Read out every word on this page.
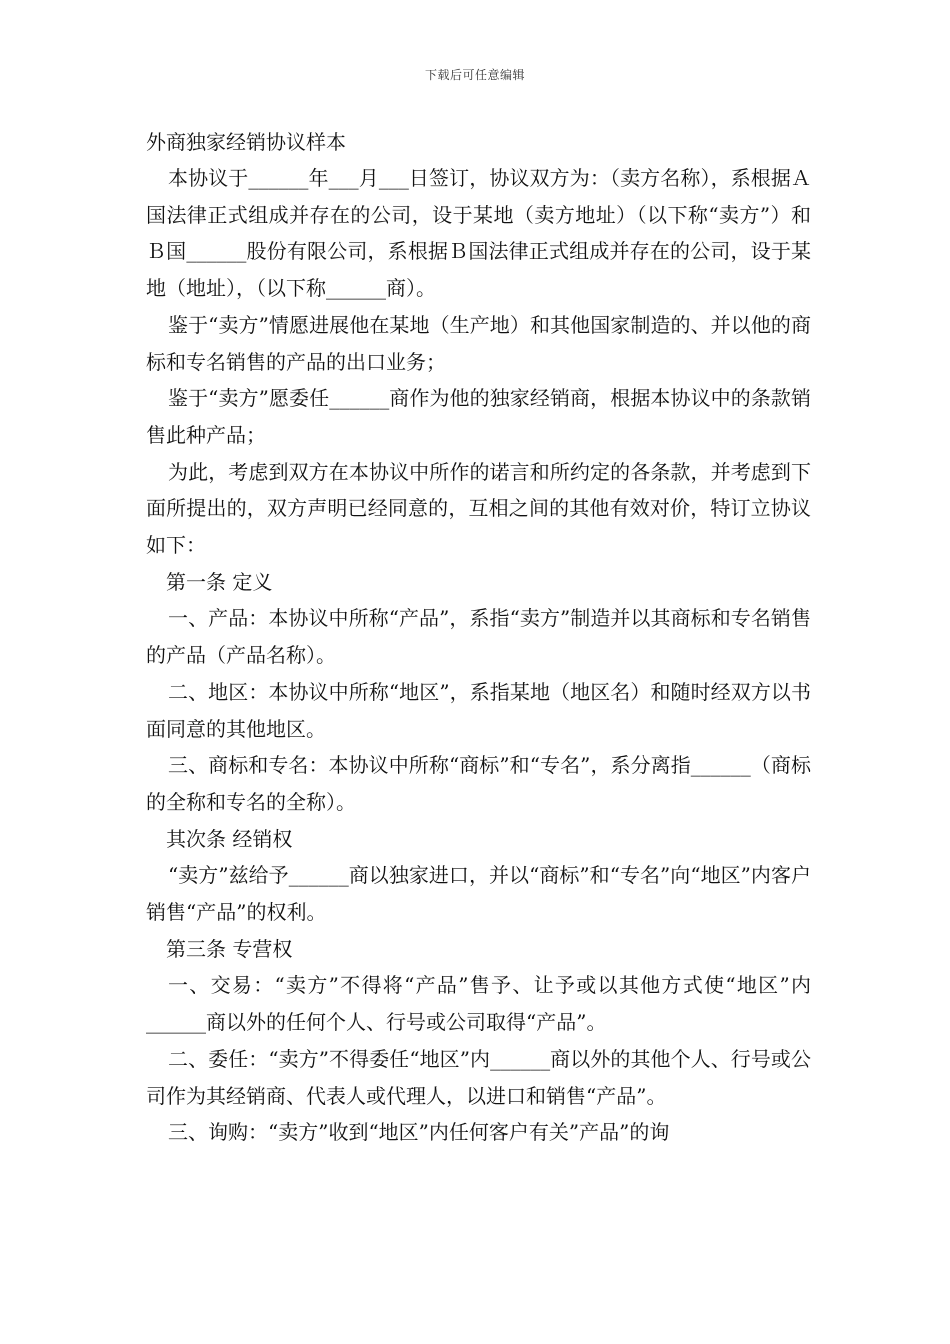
下载后可任意编辑
外商独家经销协议样本

本协议于______年___月___日签订，协议双方为：（卖方名称），系根据Ａ国法律正式组成并存在的公司，设于某地（卖方地址）（以下称“卖方”）和Ｂ国______股份有限公司，系根据Ｂ国法律正式组成并存在的公司，设于某地（地址），（以下称______商）。

鉴于“卖方”情愿进展他在某地（生产地）和其他国家制造的、并以他的商标和专名销售的产品的出口业务；

鉴于“卖方”愿委任______商作为他的独家经销商，根据本协议中的条款销售此种产品；

为此，考虑到双方在本协议中所作的诺言和所约定的各条款，并考虑到下面所提出的，双方声明已经同意的，互相之间的其他有效对价，特订立协议如下：

第一条 定义

一、产品：本协议中所称“产品”，系指“卖方”制造并以其商标和专名销售的产品（产品名称）。

二、地区：本协议中所称“地区”，系指某地（地区名）和随时经双方以书面同意的其他地区。

三、商标和专名：本协议中所称“商标”和“专名”，系分离指______（商标的全称和专名的全称）。

其次条 经销权

“卖方”兹给予______商以独家进口，并以“商标”和“专名”向“地区”内客户销售“产品”的权利。

第三条 专营权

一、交易：“卖方”不得将“产品”售予、让予或以其他方式使“地区”内______商以外的任何个人、行号或公司取得“产品”。

二、委任：“卖方”不得委任“地区”内______商以外的其他个人、行号或公司作为其经销商、代表人或代理人，以进口和销售“产品”。

三、询购：“卖方”收到“地区”内任何客户有关”产品”的询
